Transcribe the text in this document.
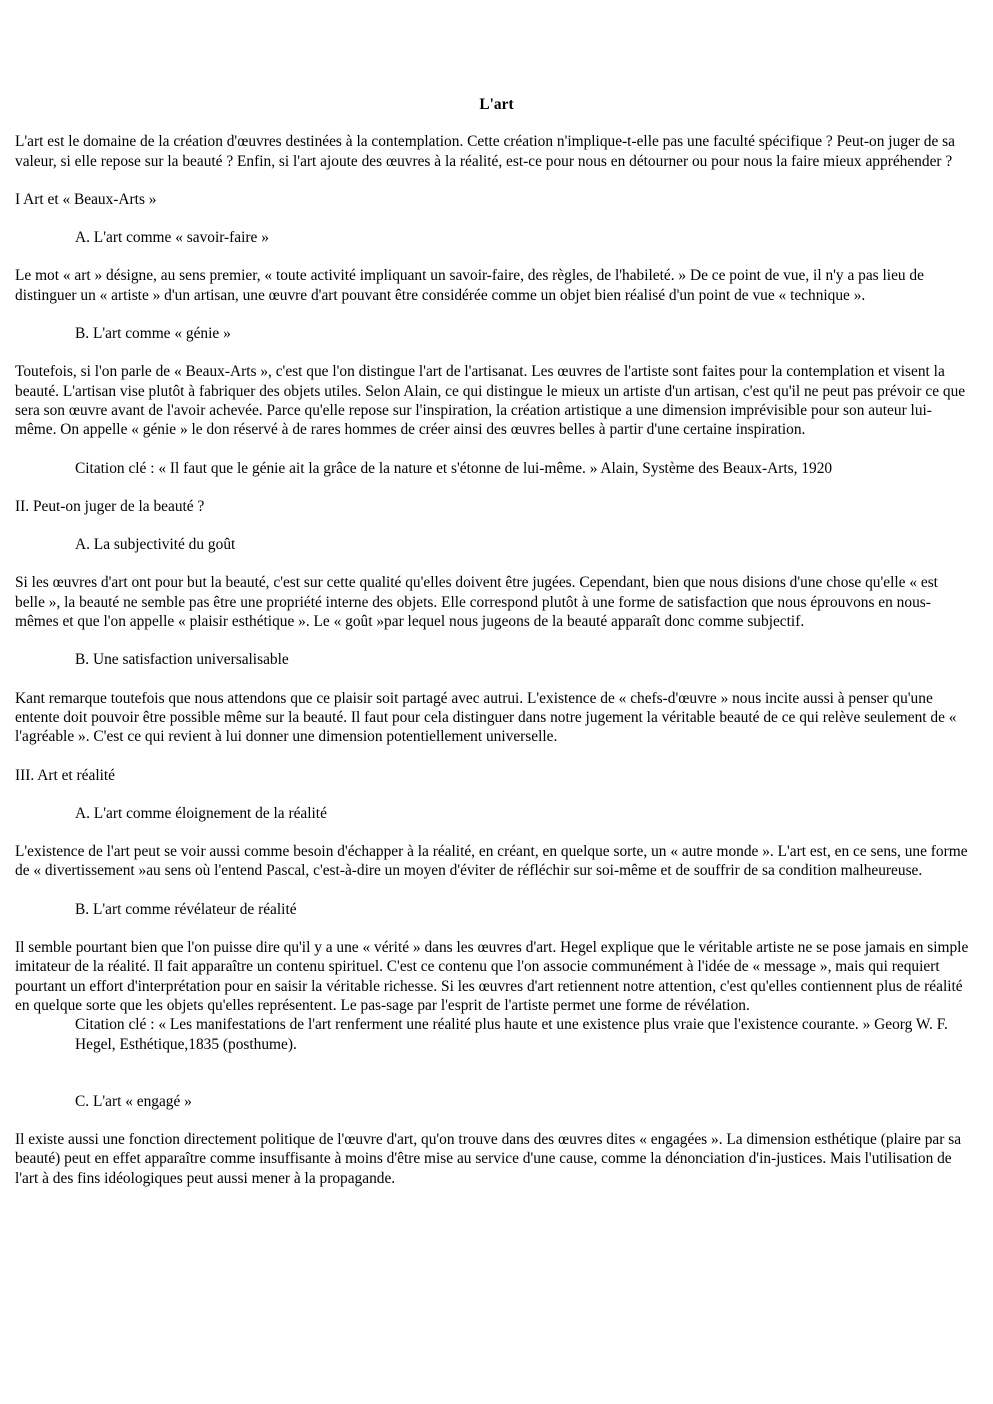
L'art

L'art est le domaine de la création d'œuvres destinées à la contemplation. Cette création n'implique-t-elle pas une faculté spécifique ? Peut-on juger de sa valeur, si elle repose sur la beauté ? Enfin, si l'art ajoute des œuvres à la réalité, est-ce pour nous en détourner ou pour nous la faire mieux appréhender ?

I Art et « Beaux-Arts »
A. L'art comme « savoir-faire »

Le mot « art » désigne, au sens premier, « toute activité impliquant un savoir-faire, des règles, de l'habileté. » De ce point de vue, il n'y a pas lieu de distinguer un « artiste » d'un artisan, une œuvre d'art pouvant être considérée comme un objet bien réalisé d'un point de vue « technique ».

B. L'art comme « génie »

Toutefois, si l'on parle de « Beaux-Arts », c'est que l'on distingue l'art de l'artisanat. Les œuvres de l'artiste sont faites pour la contemplation et visent la beauté. L'artisan vise plutôt à fabriquer des objets utiles. Selon Alain, ce qui distingue le mieux un artiste d'un artisan, c'est qu'il ne peut pas prévoir ce que sera son œuvre avant de l'avoir achevée. Parce qu'elle repose sur l'inspiration, la création artistique a une dimension imprévisible pour son auteur lui-même. On appelle « génie » le don réservé à de rares hommes de créer ainsi des œuvres belles à partir d'une certaine inspiration.

Citation clé : « Il faut que le génie ait la grâce de la nature et s'étonne de lui-même. » Alain, Système des Beaux-Arts, 1920
II. Peut-on juger de la beauté ?
A. La subjectivité du goût

Si les œuvres d'art ont pour but la beauté, c'est sur cette qualité qu'elles doivent être jugées. Cependant, bien que nous disions d'une chose qu'elle « est belle », la beauté ne semble pas être une propriété interne des objets. Elle correspond plutôt à une forme de satisfaction que nous éprouvons en nous-mêmes et que l'on appelle « plaisir esthétique ». Le « goût »par lequel nous jugeons de la beauté apparaît donc comme subjectif.

B. Une satisfaction universalisable

Kant remarque toutefois que nous attendons que ce plaisir soit partagé avec autrui. L'existence de « chefs-d'œuvre » nous incite aussi à penser qu'une entente doit pouvoir être possible même sur la beauté. Il faut pour cela distinguer dans notre jugement la véritable beauté de ce qui relève seulement de « l'agréable ». C'est ce qui revient à lui donner une dimension potentiellement universelle.

III. Art et réalité
A. L'art comme éloignement de la réalité

L'existence de l'art peut se voir aussi comme besoin d'échapper à la réalité, en créant, en quelque sorte, un « autre monde ». L'art est, en ce sens, une forme de « divertissement »au sens où l'entend Pascal, c'est-à-dire un moyen d'éviter de réfléchir sur soi-même et de souffrir de sa condition malheureuse.

B. L'art comme révélateur de réalité

Il semble pourtant bien que l'on puisse dire qu'il y a une « vérité » dans les œuvres d'art. Hegel explique que le véritable artiste ne se pose jamais en simple imitateur de la réalité. Il fait apparaître un contenu spirituel. C'est ce contenu que l'on associe communément à l'idée de « message », mais qui requiert pourtant un effort d'interprétation pour en saisir la véritable richesse. Si les œuvres d'art retiennent notre attention, c'est qu'elles contiennent plus de réalité en quelque sorte que les objets qu'elles représentent. Le pas-sage par l'esprit de l'artiste permet une forme de révélation.

Citation clé : « Les manifestations de l'art renferment une réalité plus haute et une existence plus vraie que l'existence courante. » Georg W. F. Hegel, Esthétique,1835 (posthume).
C. L'art « engagé »

Il existe aussi une fonction directement politique de l'œuvre d'art, qu'on trouve dans des œuvres dites « engagées ». La dimension esthétique (plaire par sa beauté) peut en effet apparaître comme insuffisante à moins d'être mise au service d'une cause, comme la dénonciation d'in-justices. Mais l'utilisation de l'art à des fins idéologiques peut aussi mener à la propagande.
